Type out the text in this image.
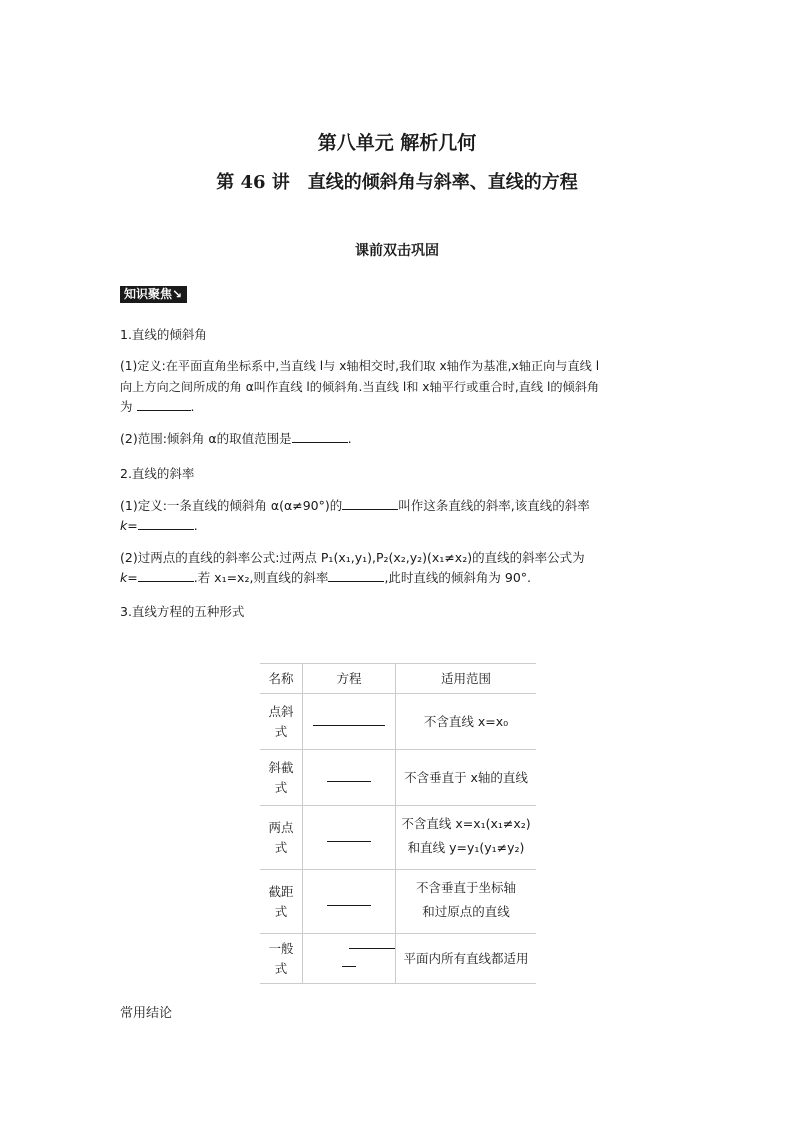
第八单元 解析几何
第 46 讲　直线的倾斜角与斜率、直线的方程
课前双击巩固
知识聚焦↘
1.直线的倾斜角
(1)定义:在平面直角坐标系中,当直线 l与 x轴相交时,我们取 x轴作为基准,x轴正向与直线 l
向上方向之间所成的角 α叫作直线 l的倾斜角.当直线 l和 x轴平行或重合时,直线 l的倾斜角
为	.
(2)范围:倾斜角 α的取值范围是	.
2.直线的斜率
(1)定义:一条直线的倾斜角 α(α≠90°)的	叫作这条直线的斜率,该直线的斜率
k=	.
(2)过两点的直线的斜率公式:过两点 P₁(x₁,y₁),P₂(x₂,y₂)(x₁≠x₂)的直线的斜率公式为
k=	.若 x₁=x₂,则直线的斜率	,此时直线的倾斜角为 90°.
3.直线方程的五种形式
名称	方程	适用范围
点斜
式		不含直线 x=x₀
斜截
式		不含垂直于 x轴的直线
两点
式		不含直线 x=x₁(x₁≠x₂)
和直线 y=y₁(y₁≠y₂)
截距
式		不含垂直于坐标轴
和过原点的直线
一般
式		平面内所有直线都适用
常用结论
